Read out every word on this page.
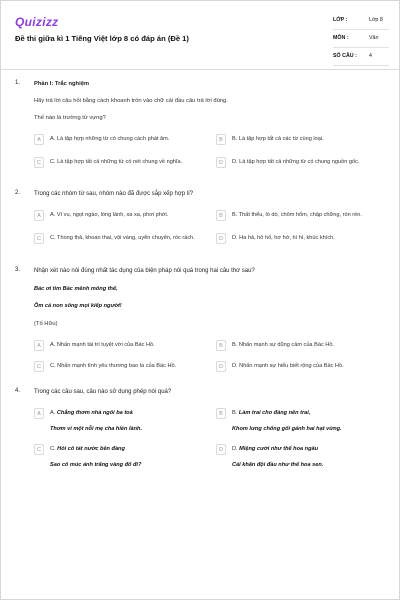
Quizizz
Đề thi giữa kì 1 Tiếng Việt lớp 8 có đáp án (Đề 1)
LỚP :	Lớp 8
MÔN :	Văn
SỐ CÂU : 4
1. Phần I: Trắc nghiệm
Hãy trả lời câu hỏi bằng cách khoanh tròn vào chữ cái đầu câu trả lời đúng.
Thế nào là trường từ vựng?
A	A. Là tập hợp những từ có chung cách phát âm.	B	B. Là tập hợp tất cả các từ cùng loại.
C	C. Là tập hợp tất cả những từ có nét chung về nghĩa.	D	D. Là tập hợp tất cả những từ có chung nguồn gốc.
2. Trong các nhóm từ sau, nhóm nào đã được sắp xếp hợp lí?
A	A. Ví vu, ngọt ngào, lóng lánh, xa xa, phơi phới.	B	B. Thất thểu, lò dò, chôm hổm, chập chững, rón rén.
C	C. Thong thả, khoan thai, vội vàng, uyển chuyển, róc rách.	D	D. Ha hả, hô hố, hơ hớ, hì hì, khúc khích.
3. Nhận xét nào nói đúng nhất tác dụng của biện pháp nói quá trong hai câu thơ sau?
Bác ơi tim Bác mênh mông thế,
Ôm cả non sông mọi kiếp người!
(Tố Hữu)
A	A. Nhấn mạnh tài trí tuyệt vời của Bác Hồ.	B	B. Nhấn mạnh sự dũng cảm của Bác Hồ.
C	C. Nhấn mạnh tình yêu thương bao la của Bác Hồ.	D	D. Nhấn mạnh sự hiểu biết rộng của Bác Hồ.
4. Trong các câu sau, câu nào sử dụng phép nói quá?
A	A. Chẳng thơm nhà ngôi ba toà
Thơm vì một nỗi mẹ cha hiền lành.
B	B. Làm trai cho đáng nên trai,
Khom lưng chống gối gánh hai hạt vừng.
C	C. Hỏi cô tát nước bên đàng
Sao cô múc ánh trăng vàng đổ đi?
D	D. Miệng cười như thể hoa ngâu
Cái khăn đội đầu như thể hoa sen.
